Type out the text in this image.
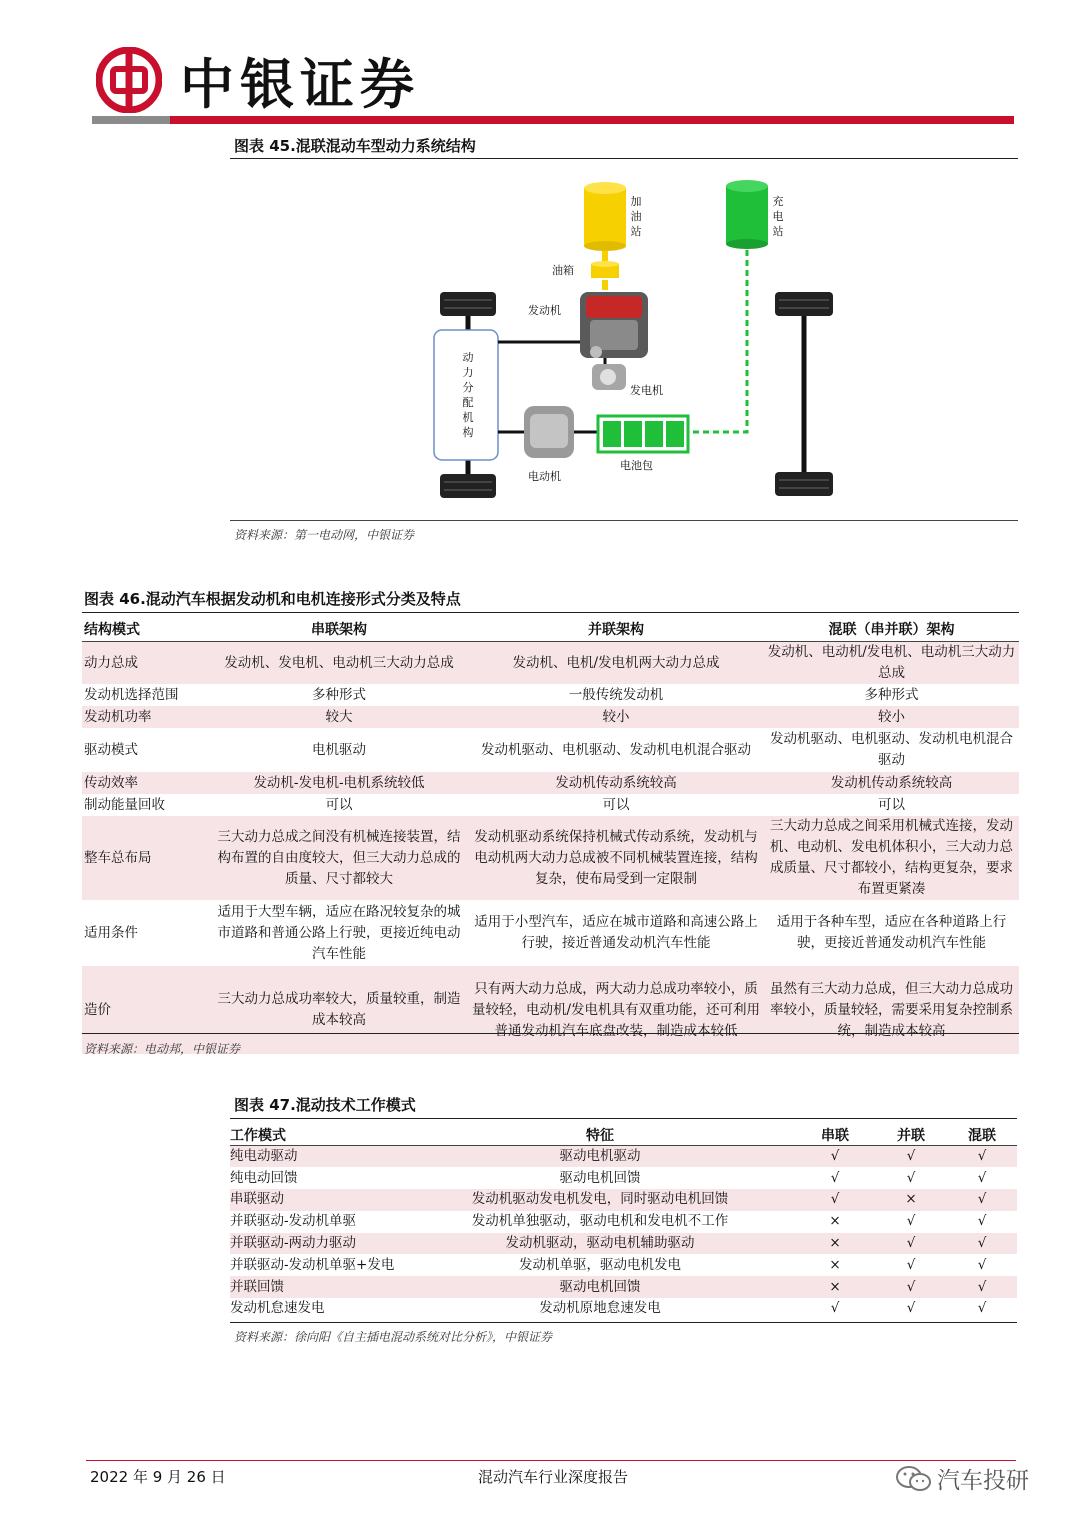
中银证券
图表 45.混联混动车型动力系统结构
加油站
充电站
油箱
发动机
发电机
动力分配机构
电动机
电池包
资料来源：第一电动网，中银证券
图表 46.混动汽车根据发动机和电机连接形式分类及特点
结构模式	串联架构	并联架构	混联（串并联）架构
动力总成	发动机、发电机、电动机三大动力总成	发动机、电机/发电机两大动力总成	发动机、电动机/发电机、电动机三大动力总成
发动机选择范围	多种形式	一般传统发动机	多种形式
发动机功率	较大	较小	较小
驱动模式	电机驱动	发动机驱动、电机驱动、发动机电机混合驱动	发动机驱动、电机驱动、发动机电机混合驱动
传动效率	发动机-发电机-电机系统较低	发动机传动系统较高	发动机传动系统较高
制动能量回收	可以	可以	可以
整车总布局	三大动力总成之间没有机械连接装置，结构布置的自由度较大，但三大动力总成的质量、尺寸都较大	发动机驱动系统保持机械式传动系统，发动机与电动机两大动力总成被不同机械装置连接，结构复杂，使布局受到一定限制	三大动力总成之间采用机械式连接，发动机、电动机、发电机体积小，三大动力总成质量、尺寸都较小，结构更复杂，要求布置更紧凑
适用条件	适用于大型车辆，适应在路况较复杂的城市道路和普通公路上行驶，更接近纯电动汽车性能	适用于小型汽车，适应在城市道路和高速公路上行驶，接近普通发动机汽车性能	适用于各种车型，适应在各种道路上行驶，更接近普通发动机汽车性能
造价	三大动力总成功率较大，质量较重，制造成本较高	只有两大动力总成，两大动力总成功率较小，质量较轻，电动机/发电机具有双重功能，还可利用普通发动机汽车底盘改装，制造成本较低	虽然有三大动力总成，但三大动力总成功率较小，质量较轻，需要采用复杂控制系统，制造成本较高
资料来源：电动邦，中银证券
图表 47.混动技术工作模式
工作模式	特征	串联	并联	混联
纯电动驱动	驱动电机驱动	√	√	√
纯电动回馈	驱动电机回馈	√	√	√
串联驱动	发动机驱动发电机发电，同时驱动电机回馈	√	×	√
并联驱动-发动机单驱	发动机单独驱动，驱动电机和发电机不工作	×	√	√
并联驱动-两动力驱动	发动机驱动，驱动电机辅助驱动	×	√	√
并联驱动-发动机单驱+发电	发动机单驱，驱动电机发电	×	√	√
并联回馈	驱动电机回馈	×	√	√
发动机怠速发电	发动机原地怠速发电	√	√	√
资料来源：徐向阳《自主插电混动系统对比分析》，中银证券
2022 年 9 月 26 日	混动汽车行业深度报告	汽车投研
